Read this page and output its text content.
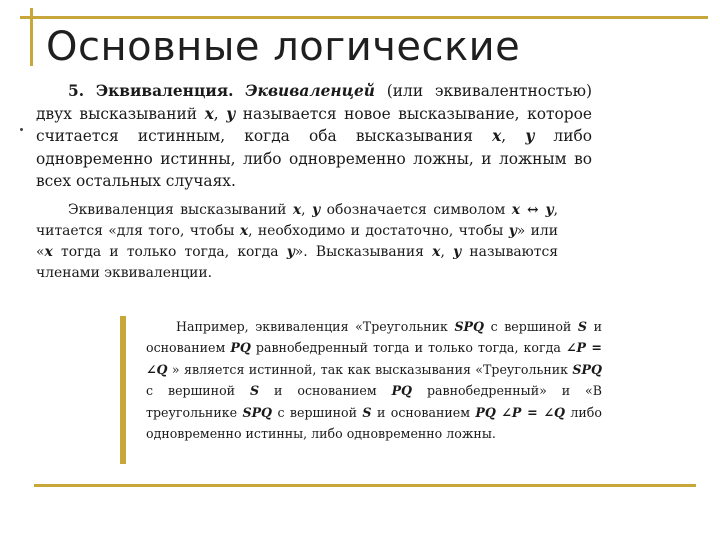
Основные логические
5. Эквиваленция. Эквиваленцей (или эквивалентностью) двух высказываний x, y называется новое высказывание, которое считается истинным, когда оба высказывания x, y либо одновременно истинны, либо одновременно ложны, и ложным во всех остальных случаях.
Эквиваленция высказываний x, y обозначается символом x ↔ y, читается «для того, чтобы x, необходимо и достаточно, чтобы y» или «x тогда и только тогда, когда y». Высказывания x, y называются членами эквиваленции.
Например, эквиваленция «Треугольник SPQ с вершиной S и основанием PQ равнобедренный тогда и только тогда, когда ∠P = ∠Q » является истинной, так как высказывания «Треугольник SPQ с вершиной S и основанием PQ равнобедренный» и «В треугольнике SPQ с вершиной S и основанием PQ ∠P = ∠Q либо одновременно истинны, либо одновременно ложны.
